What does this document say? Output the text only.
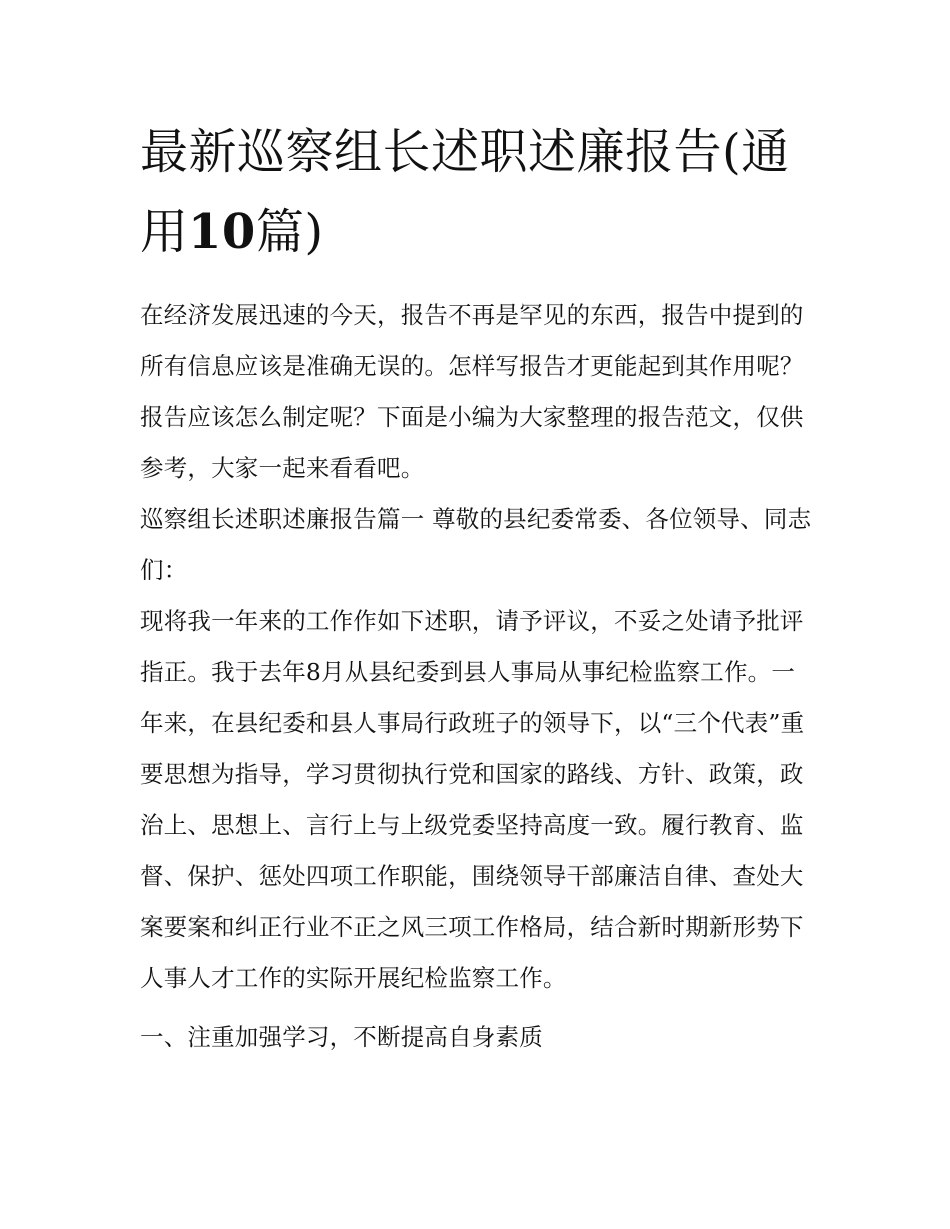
最新巡察组长述职述廉报告(通
用10篇)

在经济发展迅速的今天，报告不再是罕见的东西，报告中提到的所有信息应该是准确无误的。怎样写报告才更能起到其作用呢？报告应该怎么制定呢？下面是小编为大家整理的报告范文，仅供参考，大家一起来看看吧。

巡察组长述职述廉报告篇一 尊敬的县纪委常委、各位领导、同志们：

现将我一年来的工作作如下述职，请予评议，不妥之处请予批评指正。我于去年8月从县纪委到县人事局从事纪检监察工作。一年来，在县纪委和县人事局行政班子的领导下，以“三个代表”重要思想为指导，学习贯彻执行党和国家的路线、方针、政策，政治上、思想上、言行上与上级党委坚持高度一致。履行教育、监督、保护、惩处四项工作职能，围绕领导干部廉洁自律、查处大案要案和纠正行业不正之风三项工作格局，结合新时期新形势下人事人才工作的实际开展纪检监察工作。

一、注重加强学习，不断提高自身素质
